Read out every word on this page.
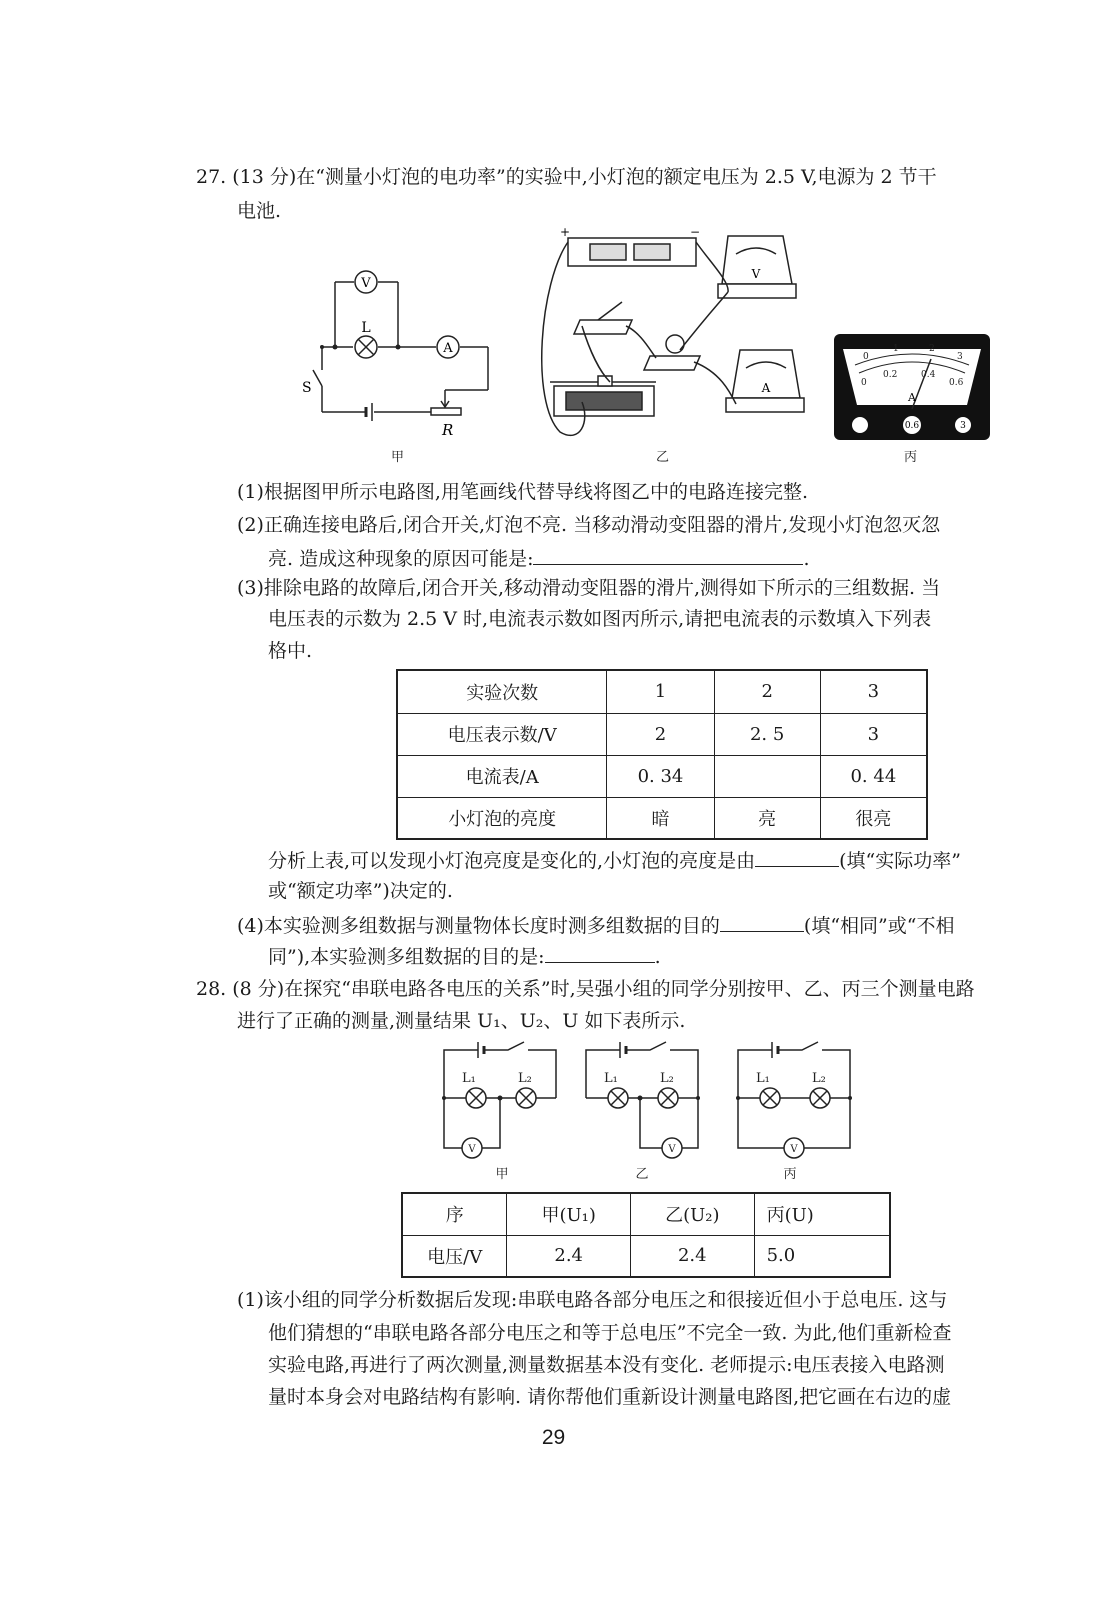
27. (13 分)在“测量小灯泡的电功率”的实验中,小灯泡的额定电压为 2.5 V,电源为 2 节干
电池.
V
L
A
S
R
甲
+	−
V
A
乙
0
1	2
3
0
0.2	0.4
0.6
A
0.6	3
丙
(1)根据图甲所示电路图,用笔画线代替导线将图乙中的电路连接完整.
(2)正确连接电路后,闭合开关,灯泡不亮. 当移动滑动变阻器的滑片,发现小灯泡忽灭忽
亮. 造成这种现象的原因可能是:	.
(3)排除电路的故障后,闭合开关,移动滑动变阻器的滑片,测得如下所示的三组数据. 当
电压表的示数为 2.5 V 时,电流表示数如图丙所示,请把电流表的示数填入下列表
格中.
实验次数	1	2	3
电压表示数/V	2	2. 5	3
电流表/A	0. 34		0. 44
小灯泡的亮度	暗	亮	很亮
分析上表,可以发现小灯泡亮度是变化的,小灯泡的亮度是由	(填“实际功率”
或“额定功率”)决定的.
(4)本实验测多组数据与测量物体长度时测多组数据的目的	(填“相同”或“不相
同”),本实验测多组数据的目的是:	.
28. (8 分)在探究“串联电路各电压的关系”时,吴强小组的同学分别按甲、乙、丙三个测量电路
进行了正确的测量,测量结果 U₁、U₂、U 如下表所示.
L₁	L₂	L₁	L₂	L₁	L₂
V	V	V
甲	乙	丙
序	甲(U₁)	乙(U₂)	丙(U)
电压/V	2.4	2.4	5.0
(1)该小组的同学分析数据后发现:串联电路各部分电压之和很接近但小于总电压. 这与
他们猜想的“串联电路各部分电压之和等于总电压”不完全一致. 为此,他们重新检查
实验电路,再进行了两次测量,测量数据基本没有变化. 老师提示:电压表接入电路测
量时本身会对电路结构有影响. 请你帮他们重新设计测量电路图,把它画在右边的虚
29
